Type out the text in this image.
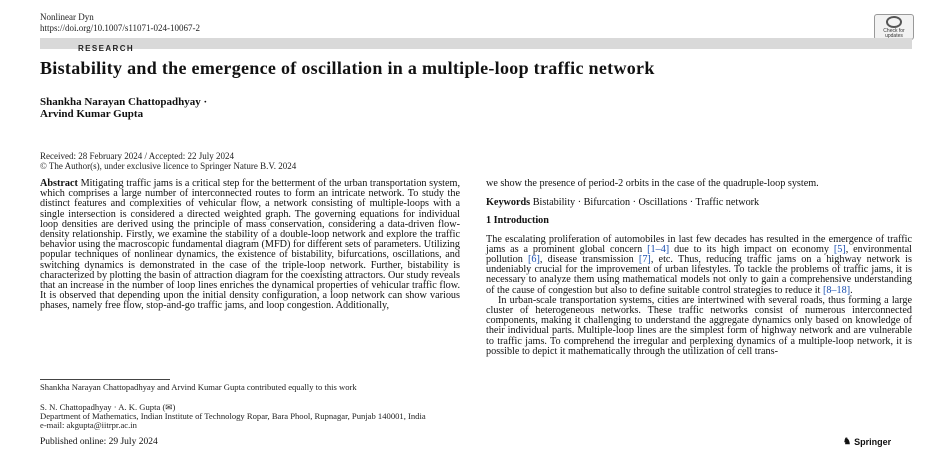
Nonlinear Dyn
https://doi.org/10.1007/s11071-024-10067-2	Check for updates
RESEARCH
Bistability and the emergence of oscillation in a multiple-loop traffic network
Shankha Narayan Chattopadhyay ·
Arvind Kumar Gupta
Received: 28 February 2024 / Accepted: 22 July 2024
© The Author(s), under exclusive licence to Springer Nature B.V. 2024

Abstract Mitigating traffic jams is a critical step for the betterment of the urban transportation system, which comprises a large number of interconnected routes to form an intricate network. To study the distinct features and complexities of vehicular flow, a network consisting of multiple-loops with a single intersection is considered a directed weighted graph. The governing equations for individual loop densities are derived using the principle of mass conservation, considering a data-driven flow-density relationship. Firstly, we examine the stability of a double-loop network and explore the traffic behavior using the macroscopic fundamental diagram (MFD) for different sets of parameters. Utilizing popular techniques of nonlinear dynamics, the existence of bistability, bifurcations, oscillations, and switching dynamics is demonstrated in the case of the triple-loop network. Further, bistability is characterized by plotting the basin of attraction diagram for the coexisting attractors. Our study reveals that an increase in the number of loop lines enriches the dynamical properties of vehicular traffic flow. It is observed that depending upon the initial density configuration, a loop network can show various phases, namely free flow, stop-and-go traffic jams, and loop congestion. Additionally,

Shankha Narayan Chattopadhyay and Arvind Kumar Gupta contributed equally to this work
S. N. Chattopadhyay · A. K. Gupta (✉)
Department of Mathematics, Indian Institute of Technology Ropar, Bara Phool, Rupnagar, Punjab 140001, India
e-mail: akgupta@iitrpr.ac.in

we show the presence of period-2 orbits in the case of the quadruple-loop system.

Keywords Bistability · Bifurcation · Oscillations · Traffic network

1 Introduction

The escalating proliferation of automobiles in last few decades has resulted in the emergence of traffic jams as a prominent global concern [1–4] due to its high impact on economy [5], environmental pollution [6], disease transmission [7], etc. Thus, reducing traffic jams on a highway network is undeniably crucial for the improvement of urban lifestyles. To tackle the problems of traffic jams, it is necessary to analyze them using mathematical models not only to gain a comprehensive understanding of the cause of congestion but also to define suitable control strategies to reduce it [8–18].

In urban-scale transportation systems, cities are intertwined with several roads, thus forming a large cluster of heterogeneous networks. These traffic networks consist of numerous interconnected components, making it challenging to understand the aggregate dynamics only based on knowledge of their individual parts. Multiple-loop lines are the simplest form of highway network and are vulnerable to traffic jams. To comprehend the irregular and perplexing dynamics of a multiple-loop network, it is possible to depict it mathematically through the utilization of cell trans-

Published online: 29 July 2024	♞ Springer
